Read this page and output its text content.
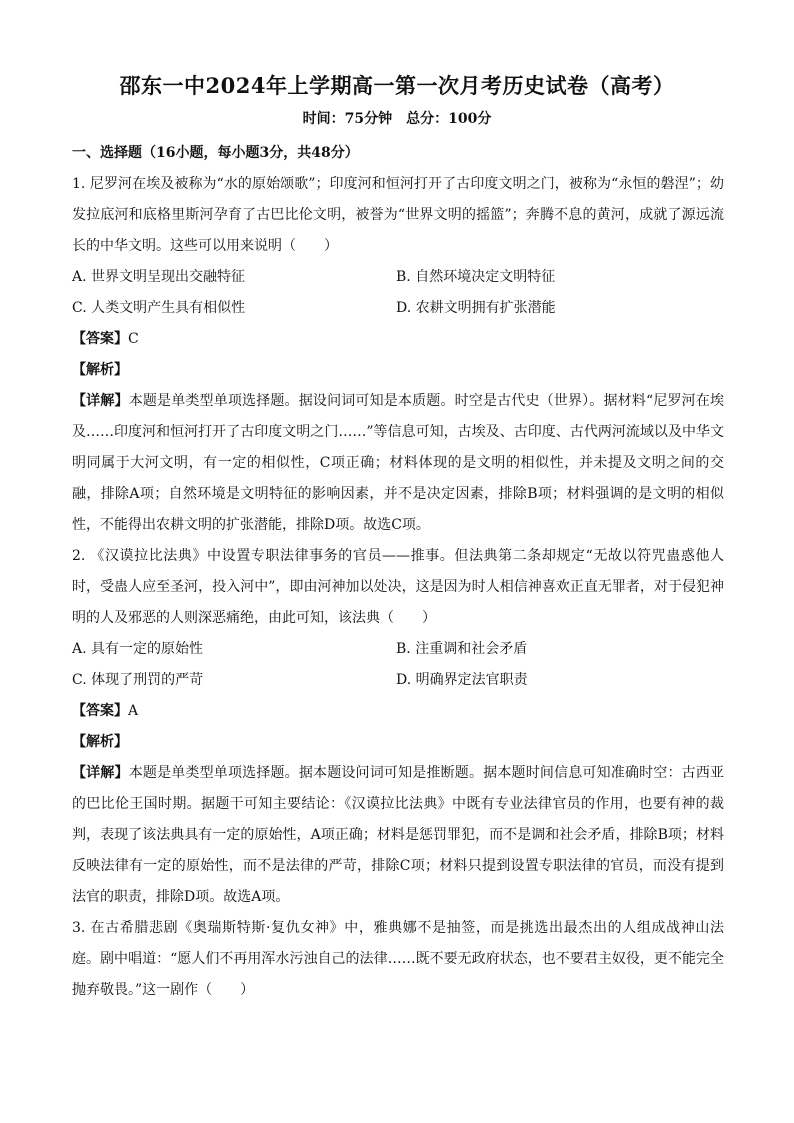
邵东一中2024年上学期高一第一次月考历史试卷（高考）
时间：75分钟　总分：100分
一、选择题（16小题，每小题3分，共48分）

1. 尼罗河在埃及被称为“水的原始颂歌”；印度河和恒河打开了古印度文明之门，被称为“永恒的磐涅”；幼发拉底河和底格里斯河孕育了古巴比伦文明，被誉为“世界文明的摇篮”；奔腾不息的黄河，成就了源远流长的中华文明。这些可以用来说明（　　）

A. 世界文明呈现出交融特征	B. 自然环境决定文明特征

C. 人类文明产生具有相似性	D. 农耕文明拥有扩张潜能

【答案】C

【解析】

【详解】本题是单类型单项选择题。据设问词可知是本质题。时空是古代史（世界）。据材料“尼罗河在埃及……印度河和恒河打开了古印度文明之门……”等信息可知，古埃及、古印度、古代两河流域以及中华文明同属于大河文明，有一定的相似性，C项正确；材料体现的是文明的相似性，并未提及文明之间的交融，排除A项；自然环境是文明特征的影响因素，并不是决定因素，排除B项；材料强调的是文明的相似性，不能得出农耕文明的扩张潜能，排除D项。故选C项。

2. 《汉谟拉比法典》中设置专职法律事务的官员——推事。但法典第二条却规定“无故以符咒蛊惑他人时，受蛊人应至圣河，投入河中”，即由河神加以处决，这是因为时人相信神喜欢正直无罪者，对于侵犯神明的人及邪恶的人则深恶痛绝，由此可知，该法典（　　）

A. 具有一定的原始性	B. 注重调和社会矛盾

C. 体现了刑罚的严苛	D. 明确界定法官职责

【答案】A

【解析】

【详解】本题是单类型单项选择题。据本题设问词可知是推断题。据本题时间信息可知准确时空：古西亚的巴比伦王国时期。据题干可知主要结论：《汉谟拉比法典》中既有专业法律官员的作用，也要有神的裁判，表现了该法典具有一定的原始性，A项正确；材料是惩罚罪犯，而不是调和社会矛盾，排除B项；材料反映法律有一定的原始性，而不是法律的严苛，排除C项；材料只提到设置专职法律的官员，而没有提到法官的职责，排除D项。故选A项。

3. 在古希腊悲剧《奥瑞斯特斯·复仇女神》中，雅典娜不是抽签，而是挑选出最杰出的人组成战神山法庭。剧中唱道：“愿人们不再用浑水污浊自己的法律……既不要无政府状态，也不要君主奴役，更不能完全抛弃敬畏。”这一剧作（　　）
